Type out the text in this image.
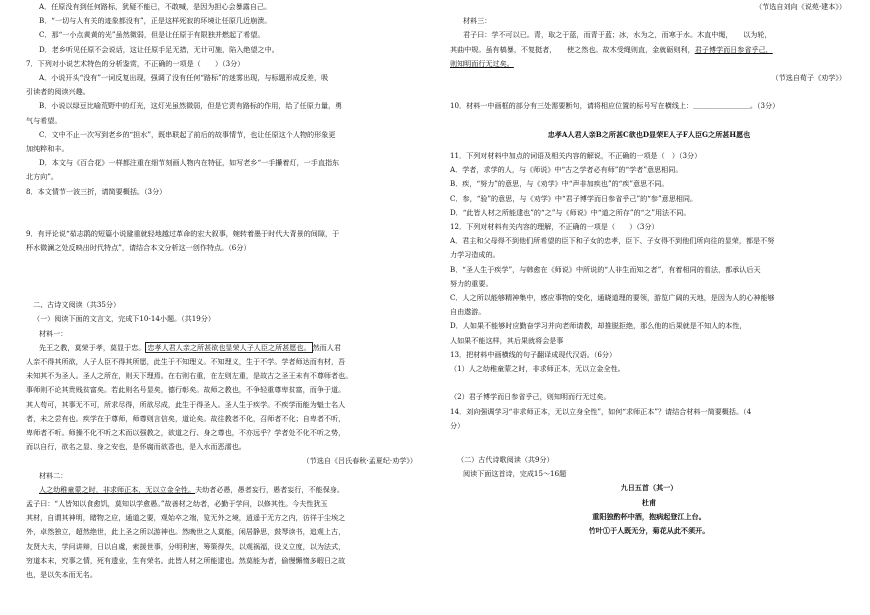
A．任原没有到任何路标，犹疑不能已，不敢喊，是因为担心会暴露自己。
B．“一切与人有关的迹象都没有”，正是这样死寂的环境让任原几近崩溃。
C．那“一小点黄黄的光”虽然微弱，但是让任原于有限独并燃起了希望。
D．老乡听见任原不会说话，这让任原手足无措，无计可施，陷入绝望之中。
7．下列对小说艺术特色的分析鉴赏，不正确的一项是（　　）（3分）
A．小说开头“没有”一词反复出现，强调了没有任何“路标”的迷雾出现，与标题形成反差，吸
引读者的阅读兴趣。
B．小说以绿豆比喻荒野中的灯光，这灯光虽然微弱，但是它责有路标的作用，给了任原力量，勇
气与希望。
C．文中不止一次写到老乡的“担水”，既串联起了前后的故事情节，也让任原这个人物的形象更
加纯粹和丰。
D．本文与《百合花》一样都注重在细节刻画人物内在特征，如写老乡“一手攥着灯，一手直指东
北方向”。
8．本文情节一波三折，请简要概括。（3分）
9．有评论说“茹志鹃的短篇小说避重就轻地越过革命的宏大叙事，婉转着墨于时代大背景的间隙，于
杯水微澜之处反映出时代特点”，请结合本文分析这一创作特点。（6分）
二、古诗文阅读（共35分）
（一）阅读下面的文言文，完成下10-14小题。（共19分）
材料一：
先王之教，莫荣于孝，莫显于忠。 忠孝人君人亲之所甚欲也显荣人子人臣之所甚愿也。 然而人君
人亲不得其所欲，人子人臣不得其所愿，此生于不知理义。不知理义，生于不学。学者师达而有材，吾
未知其不为圣人。圣人之所在，则天下理焉。在右则右重，在左则左重，是故古之圣王未有不尊师者也。
事师则不论其贵贱贫富矣。若此则名号显矣，德行彰矣。故师之教也，不争轻重尊卑贫富，而争于道。
其人苟可，其事无不可，所求尽得，所欲尽成，此生于得圣人。圣人生于疾学。不疾学而能为魁士名人
者，未之尝有也。疾学在于尊师，师尊则言信矣，道论矣。故往教者不化，召师者不化；自卑者不听，
卑师者不听。师操不化不听之术而以强教之，欲道之行、身之尊也，不亦远乎？学者处不化不听之势，
而以自行，欲名之显、身之安也，是怀腐而欲香也，是入水而恶濡也。
（节选自《吕氏春秋·孟夏纪·劝学》）
材料二：
人之幼稚童蒙之时，非求师正本，无以立金全性。夫幼者必愚，愚者妄行，愚者妄行，不能保身。
孟子曰：“人皆知以食愈饥，莫知以学愈愚。”故善材之幼者，必勤于学问，以修其性。今夫性犹玉
其材，自谓其神明，睹物之应，通道之要，观始卒之端，览无外之境，逍遥于无方之内，彷徉于尘埃之
外，卓然独立，超然绝世，此上圣之所以游神也。然晚世之人莫能，闲居静思，鼓琴读书，追观上古，
友贤大夫，学问讲辩，日以自虞，索援世事，分明利害，筹策得失，以观祸福，设义立度，以为法式，
穷道本末，究事之情，死有遗业，生有荣名。此皆人材之所能逮也。然莫能为者，偷慢懈惰多暇日之故
也，是以失本而无名。
（节选自刘向《说苑·建本》）
材料三：
君子曰：学不可以已。青，取之于蓝，而青于蓝；冰，水为之，而寒于水。木直中绳，　　以为轮，
其曲中规。虽有槁暴，不复挺者，　　使之然也。故木受绳则直，金就砺则利，君子博学而日参省乎己，
则知明而行无过矣。
（节选自荀子《劝学》）
10．材料一中画框的部分有三处需要断句，请将相应位置的标号写在横线上：＿＿＿＿＿＿＿＿。（3分）
忠孝A人君人亲B之所甚C欲也D显荣E人子F人臣G之所甚H愿也
11．下列对材料中加点的词语及相关内容的解说，不正确的一项是（　）（3分）
A．学者，求学的人，与《师说》中“古之学者必有师”的“学者”意思相同。
B．疾，“努力”的意思，与《劝学》中“声非加疾也”的“疾”意思不同。
C．参，“验”的意思，与《劝学》中“君子博学而日参省乎己”的“参”意思相同。
D．“此皆人材之所能逮也”的“之”与《师说》中“道之所存”的“之”用法不同。
12．下列对材料有关内容的理解，不正确的一项是（　　）（3分）
A．君主和父母得不到他们所希望的臣下和子女的忠孝，臣下、子女得不到他们所向往的显荣，都是不努
力学习造成的。
B．“圣人生于疾学”，与韩愈在《师说》中所说的“人非生而知之者”，有着相同的看法，都承认后天
努力的重要。
C．人之所以能够精神集中，感应事物的变化，通晓道理的要领，游览广阔的天地，是因为人的心神能够
自由遨游。
D．人如果不能够时应勤奋学习并向老师请教，却推脱拒绝，那么他的后果就是不知人的本性，
人如果不能这样，其后果就将会是事
13．把材料中画横线的句子翻译成现代汉语。（6分）
（1）人之幼稚童蒙之时，非求师正本，无以立金全性。
（2）君子博学而日参省乎己，则知明而行无过矣。
14．刘向强调学习“非求师正本，无以立身全性”，如何“求师正本”？请结合材料一简要概括。（4
分）
（二）古代诗歌阅读（共9分）
阅读下面这首诗，完成15～16题
九日五首（其一）
杜甫
重阳独酌杯中酒，抱病起登江上台。
竹叶①于人既无分，菊花从此不须开。
